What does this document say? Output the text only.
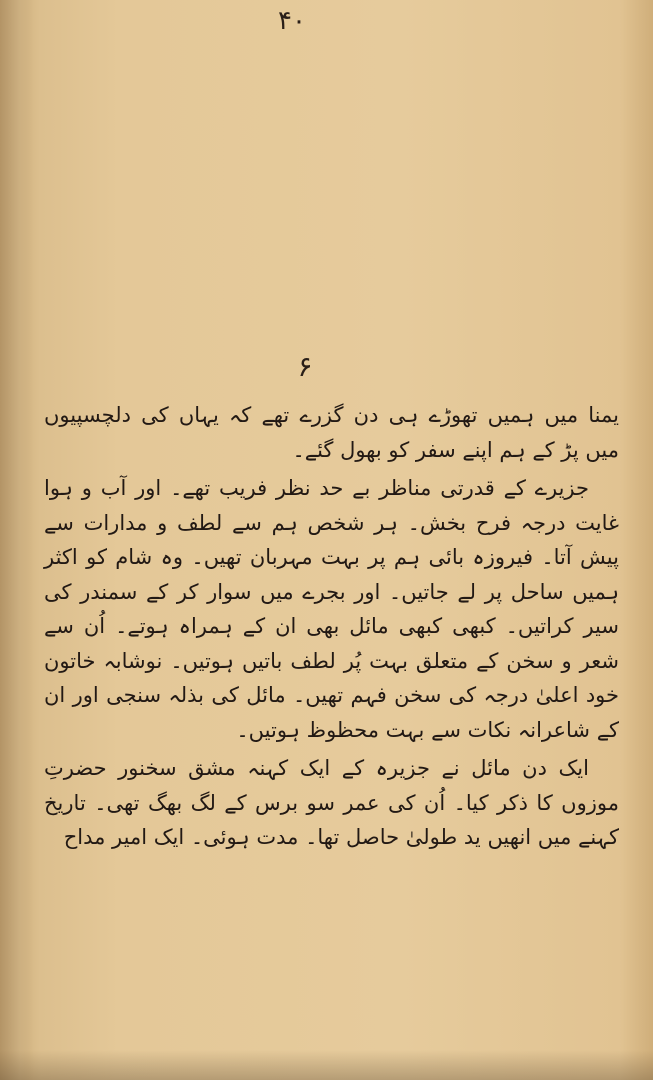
۴۰
۶

یمنا میں ہمیں تھوڑے ہی دن گزرے تھے کہ یہاں کی دلچسپیوں میں پڑ کے ہم اپنے سفر کو بھول گئے۔

جزیرے کے قدرتی مناظر بے حد نظر فریب تھے۔ اور آب و ہوا غایت درجہ فرح بخش۔ ہر شخص ہم سے لطف و مدارات سے پیش آتا۔ فیروزہ بائی ہم پر بہت مہربان تھیں۔ وہ شام کو اکثر ہمیں ساحل پر لے جاتیں۔ اور بجرے میں سوار کر کے سمندر کی سیر کراتیں۔ کبھی کبھی مائل بھی ان کے ہمراہ ہوتے۔ اُن سے شعر و سخن کے متعلق بہت پُر لطف باتیں ہوتیں۔ نوشابہ خاتون خود اعلیٰ درجہ کی سخن فہم تھیں۔ مائل کی بذلہ سنجی اور ان کے شاعرانہ نکات سے بہت محظوظ ہوتیں۔

ایک دن مائل نے جزیرہ کے ایک کہنہ مشق سخنور حضرتِ موزوں کا ذکر کیا۔ اُن کی عمر سو برس کے لگ بھگ تھی۔ تاریخ کہنے میں انھیں ید طولیٰ حاصل تھا۔ مدت ہوئی۔ ایک امیر مداح
